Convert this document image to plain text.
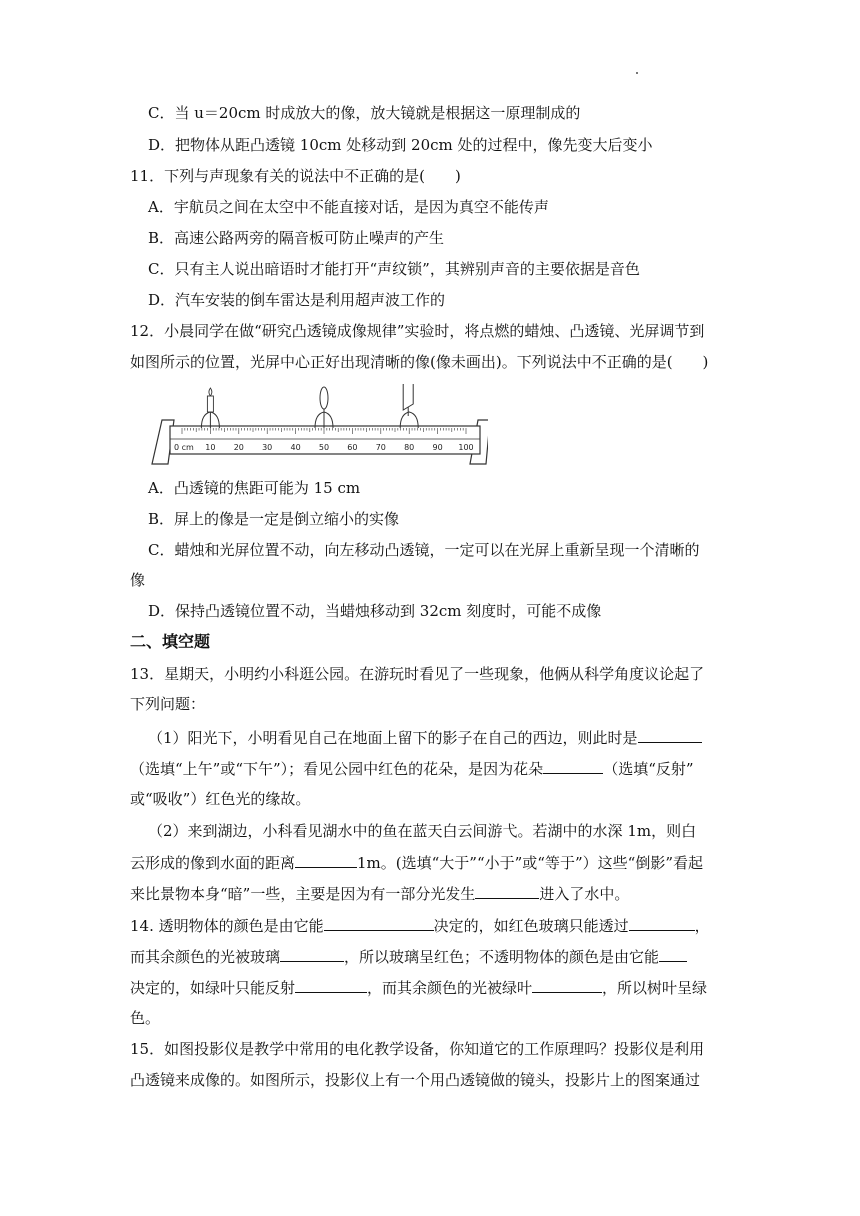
C．当 u＝20cm 时成放大的像，放大镜就是根据这一原理制成的
D．把物体从距凸透镜 10cm 处移动到 20cm 处的过程中，像先变大后变小
11．下列与声现象有关的说法中不正确的是(　　)
A．宇航员之间在太空中不能直接对话，是因为真空不能传声
B．高速公路两旁的隔音板可防止噪声的产生
C．只有主人说出暗语时才能打开“声纹锁”，其辨别声音的主要依据是音色
D．汽车安装的倒车雷达是利用超声波工作的
12．小晨同学在做“研究凸透镜成像规律”实验时，将点燃的蜡烛、凸透镜、光屏调节到
如图所示的位置，光屏中心正好出现清晰的像(像未画出)。下列说法中不正确的是(　　)
0 cm 10 20 30 40 50 60 70 80 90 100
A．凸透镜的焦距可能为 15 cm
B．屏上的像是一定是倒立缩小的实像
C．蜡烛和光屏位置不动，向左移动凸透镜，一定可以在光屏上重新呈现一个清晰的
像
D．保持凸透镜位置不动，当蜡烛移动到 32cm 刻度时，可能不成像
二、填空题
13．星期天，小明约小科逛公园。在游玩时看见了一些现象，他俩从科学角度议论起了
下列问题：
（1）阳光下，小明看见自己在地面上留下的影子在自己的西边，则此时是
（选填“上午”或“下午”）；看见公园中红色的花朵，是因为花朵	（选填“反射”
或“吸收”）红色光的缘故。
（2）来到湖边，小科看见湖水中的鱼在蓝天白云间游弋。若湖中的水深 1m，则白
云形成的像到水面的距离	1m。(选填“大于”“小于”或“等于”）这些“倒影”看起
来比景物本身“暗”一些，主要是因为有一部分光发生	进入了水中。
14. 透明物体的颜色是由它能	决定的，如红色玻璃只能透过	，
而其余颜色的光被玻璃	，所以玻璃呈红色；不透明物体的颜色是由它能
决定的，如绿叶只能反射	，而其余颜色的光被绿叶	，所以树叶呈绿
色。
15．如图投影仪是教学中常用的电化教学设备，你知道它的工作原理吗？投影仪是利用
凸透镜来成像的。如图所示，投影仪上有一个用凸透镜做的镜头，投影片上的图案通过
